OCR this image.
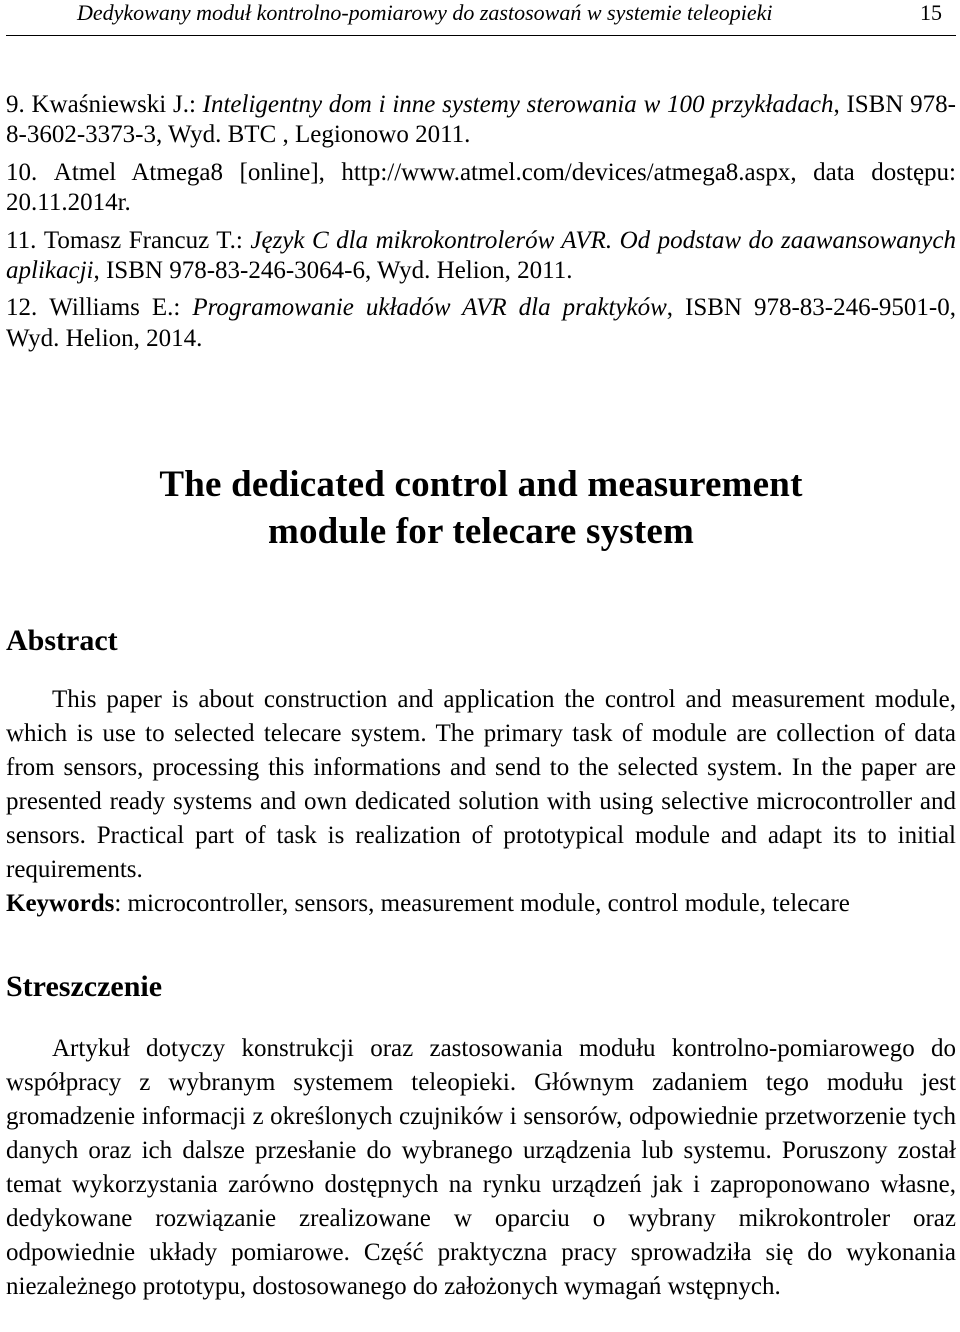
Dedykowany moduł kontrolno-pomiarowy do zastosowań w systemie teleopieki	15
9. Kwaśniewski J.: Inteligentny dom i inne systemy sterowania w 100 przykładach, ISBN 978-8-3602-3373-3, Wyd. BTC , Legionowo 2011.
10. Atmel Atmega8 [online], http://www.atmel.com/devices/atmega8.aspx, data dostępu: 20.11.2014r.
11. Tomasz Francuz T.: Język C dla mikrokontrolerów AVR. Od podstaw do zaawansowanych aplikacji, ISBN 978-83-246-3064-6, Wyd. Helion, 2011.
12. Williams E.: Programowanie układów AVR dla praktyków, ISBN 978-83-246-9501-0, Wyd. Helion, 2014.
The dedicated control and measurement
module for telecare system
Abstract

This paper is about construction and application the control and measurement module, which is use to selected telecare system. The primary task of module are collection of data from sensors, processing this informations and send to the selected system. In the paper are presented ready systems and own dedicated solution with using selective microcontroller and sensors. Practical part of task is realization of prototypical module and adapt its to initial requirements.

Keywords: microcontroller, sensors, measurement module, control module, telecare

Streszczenie

Artykuł dotyczy konstrukcji oraz zastosowania modułu kontrolno-pomiarowego do współpracy z wybranym systemem teleopieki. Głównym zadaniem tego modułu jest gromadzenie informacji z określonych czujników i sensorów, odpowiednie przetworzenie tych danych oraz ich dalsze przesłanie do wybranego urządzenia lub systemu. Poruszony został temat wykorzystania zarówno dostępnych na rynku urządzeń jak i zaproponowano własne, dedykowane rozwiązanie zrealizowane w oparciu o wybrany mikrokontroler oraz odpowiednie układy pomiarowe. Część praktyczna pracy sprowadziła się do wykonania niezależnego prototypu, dostosowanego do założonych wymagań wstępnych.
